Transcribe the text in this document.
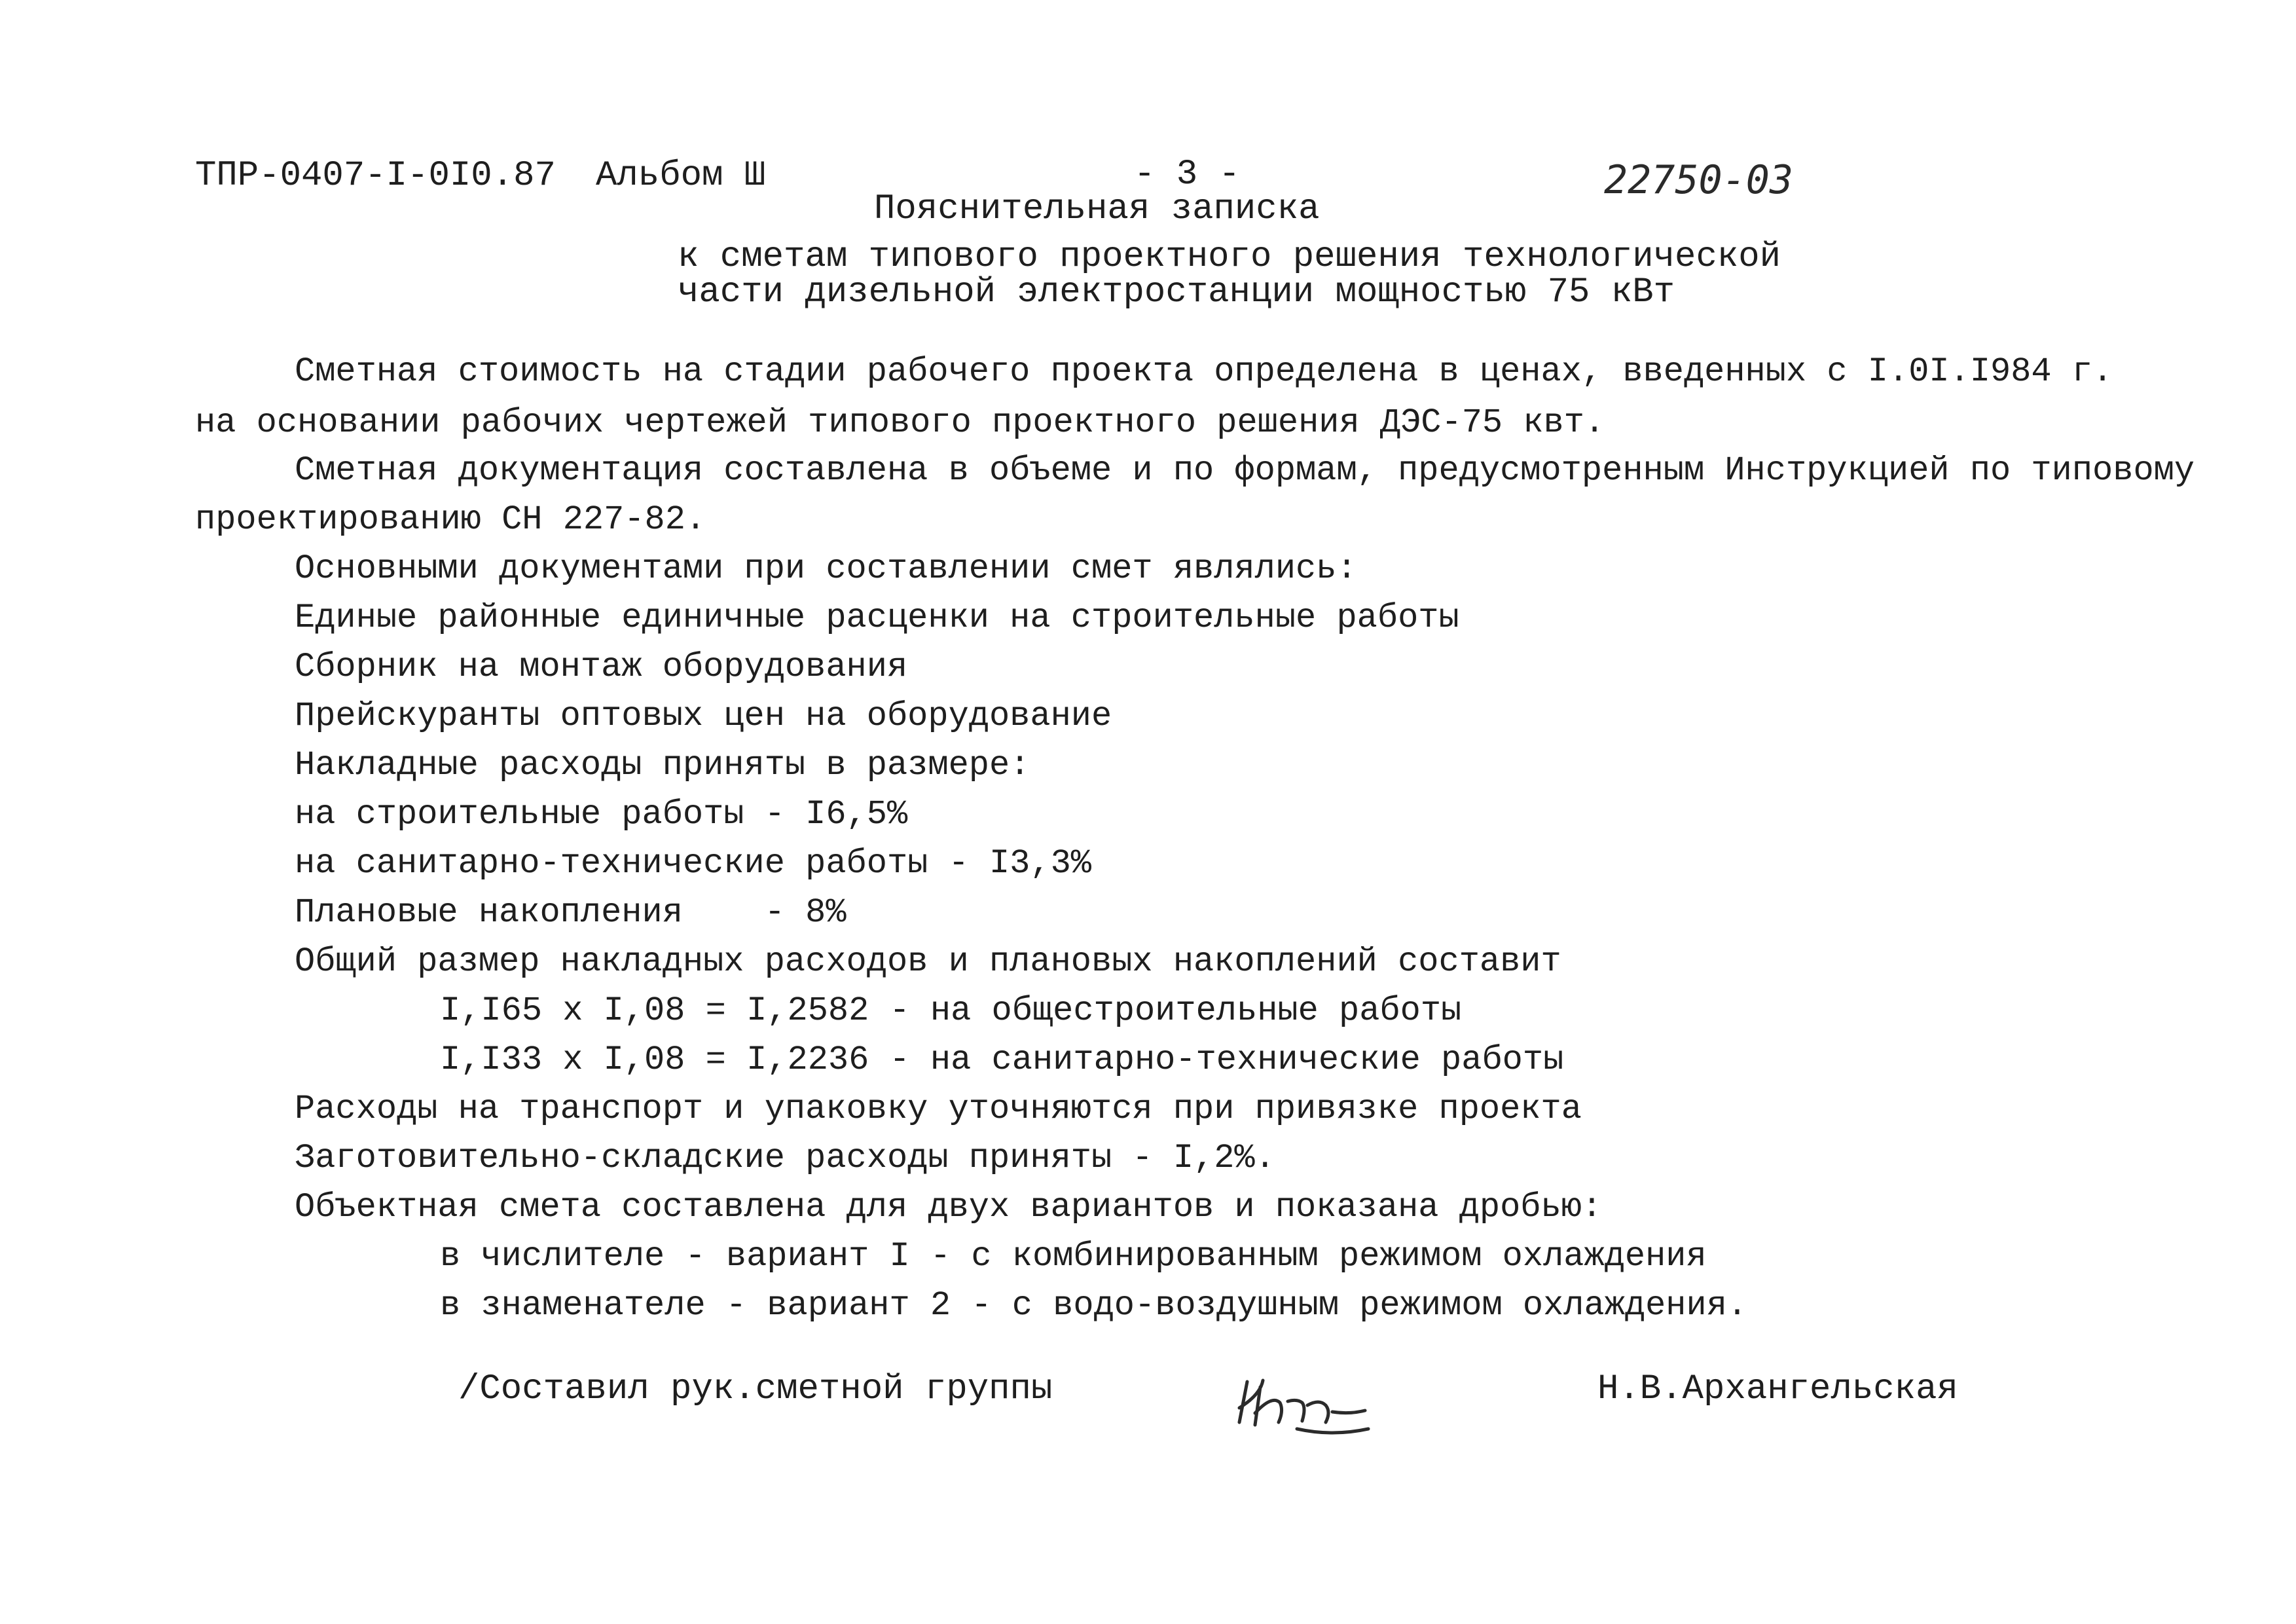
ТПР-0407-I-0I0.87 Альбом Ш	- 3 -	22750-03
Пояснительная записка
к сметам типового проектного решения технологической
части дизельной электростанции мощностью 75 кВт
Сметная стоимость на стадии рабочего проекта определена в ценах, введенных с I.0I.I984 г.
на основании рабочих чертежей типового проектного решения ДЭС-75 квт.
Сметная документация составлена в объеме и по формам, предусмотренным Инструкцией по типовому
проектированию СН 227-82.
Основными документами при составлении смет являлись:
Единые районные единичные расценки на строительные работы
Сборник на монтаж оборудования
Прейскуранты оптовых цен на оборудование
Накладные расходы приняты в размере:
на строительные работы - I6,5%
на санитарно-технические работы - I3,3%
Плановые накопления    - 8%
Общий размер накладных расходов и плановых накоплений составит
I,I65 x I,08 = I,2582 - на общестроительные работы
I,I33 x I,08 = I,2236 - на санитарно-технические работы
Расходы на транспорт и упаковку уточняются при привязке проекта
Заготовительно-складские расходы приняты - I,2%.
Объектная смета составлена для двух вариантов и показана дробью:
в числителе - вариант I - с комбинированным режимом охлаждения
в знаменателе - вариант 2 - с водо-воздушным режимом охлаждения.
/Составил рук.сметной группы	Н.В.Архангельская
